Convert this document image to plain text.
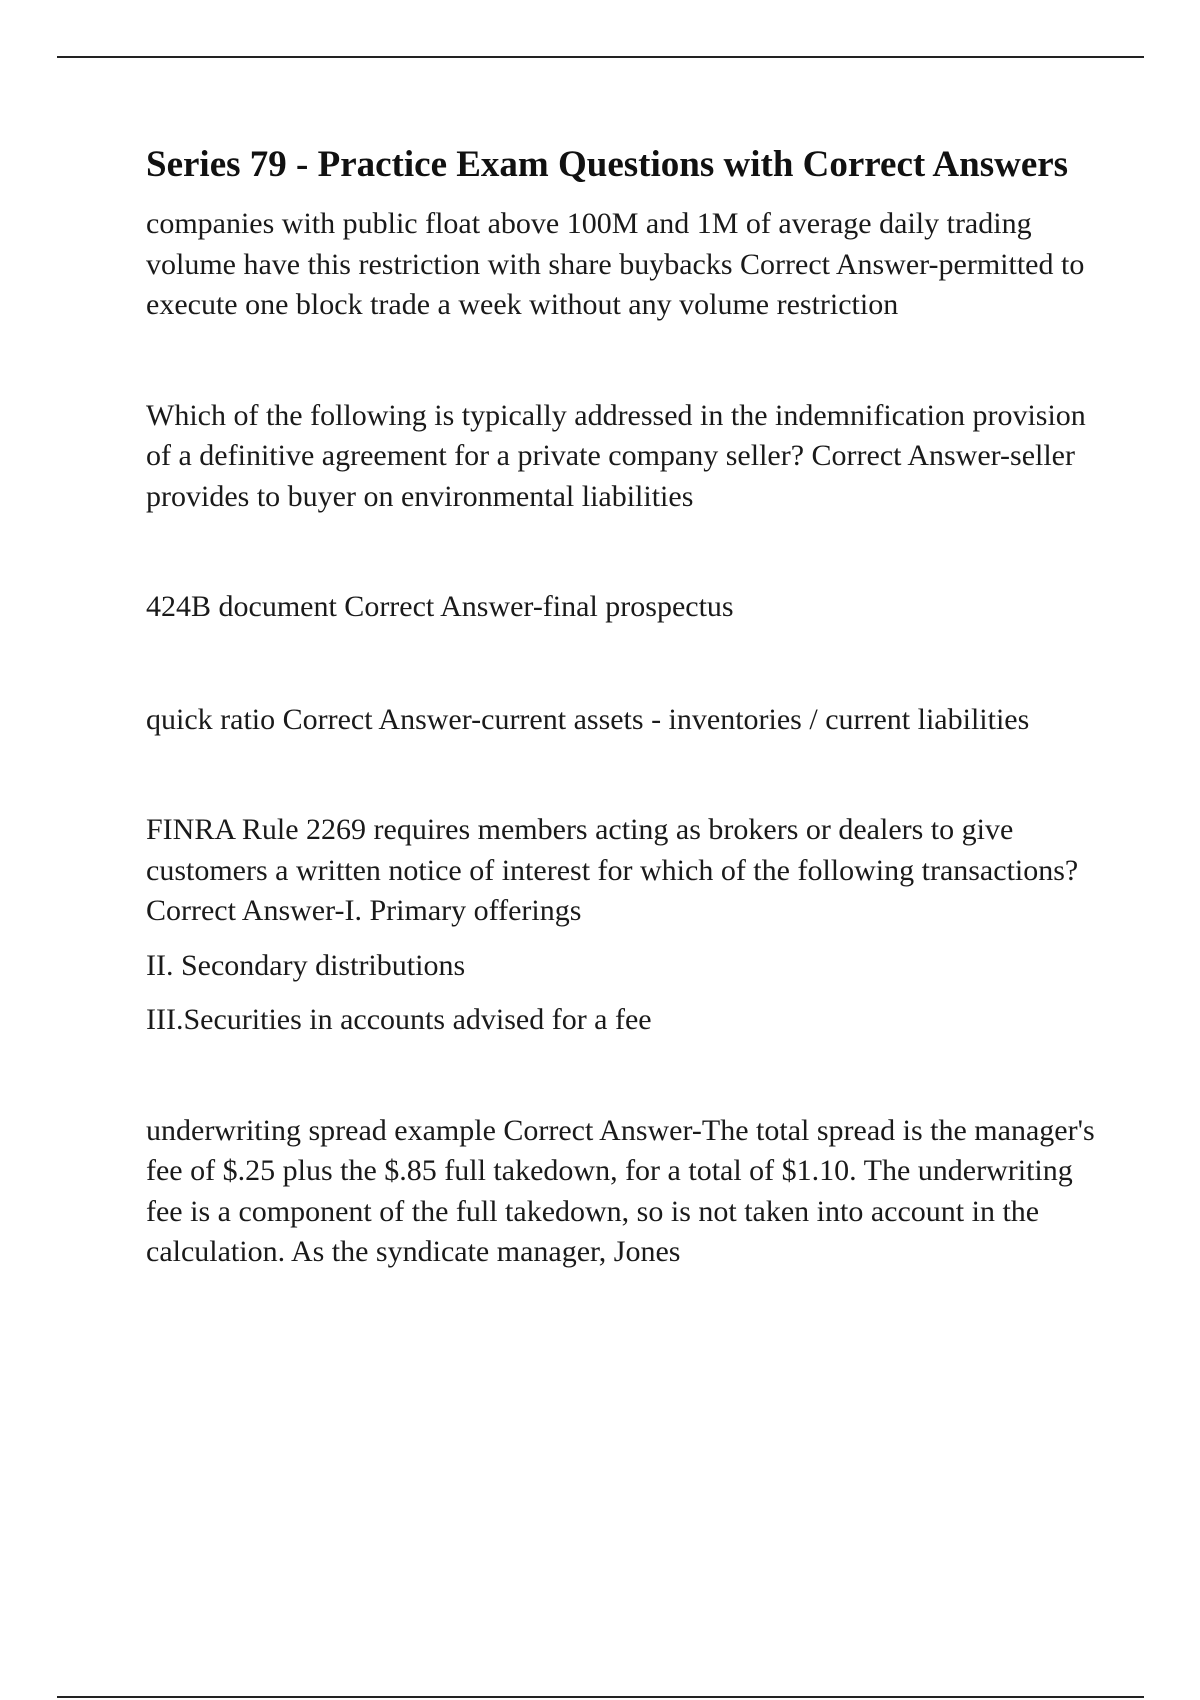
Series 79 - Practice Exam Questions with Correct Answers

companies with public float above 100M and 1M of average daily trading volume have this restriction with share buybacks Correct Answer-permitted to execute one block trade a week without any volume restriction

Which of the following is typically addressed in the indemnification provision of a definitive agreement for a private company seller? Correct Answer-seller provides to buyer on environmental liabilities

424B document Correct Answer-final prospectus

quick ratio Correct Answer-current assets - inventories / current liabilities

FINRA Rule 2269 requires members acting as brokers or dealers to give customers a written notice of interest for which of the following transactions? Correct Answer-I. Primary offerings

II. Secondary distributions

III.Securities in accounts advised for a fee

underwriting spread example Correct Answer-The total spread is the manager's fee of $.25 plus the $.85 full takedown, for a total of $1.10. The underwriting fee is a component of the full takedown, so is not taken into account in the calculation. As the syndicate manager, Jones
